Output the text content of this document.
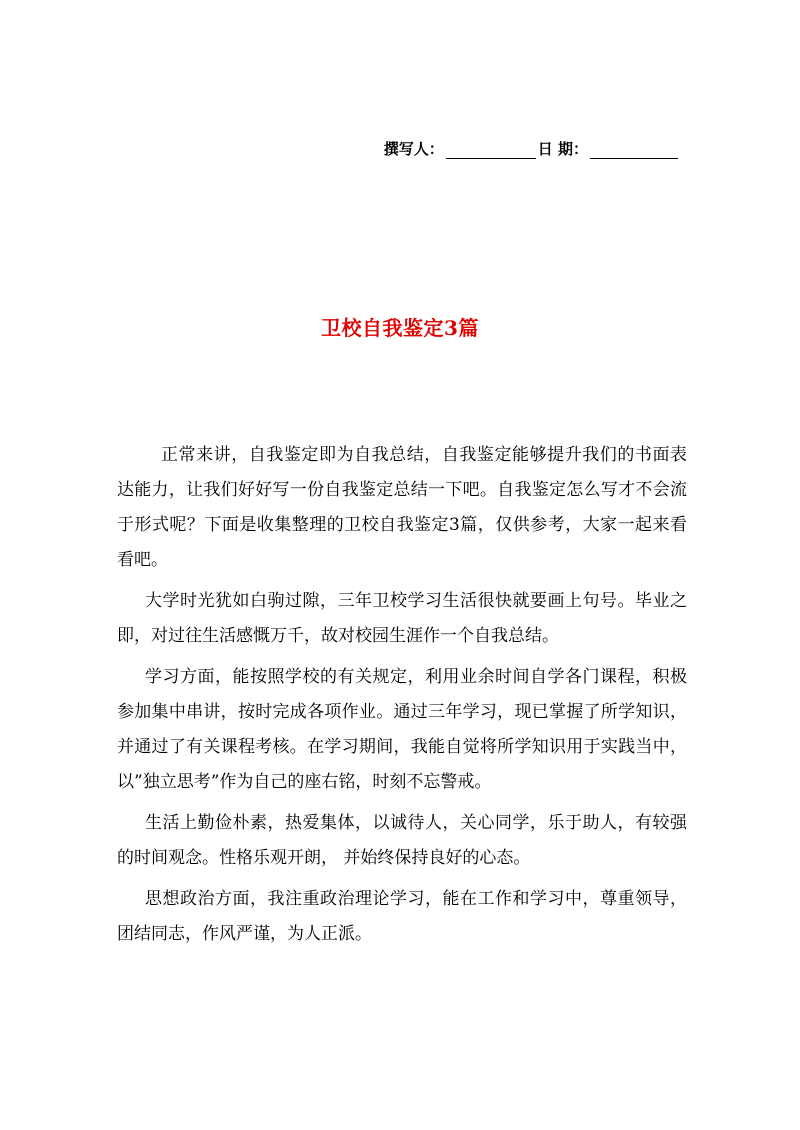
撰写人：	日 期：
卫校自我鉴定3篇

正常来讲，自我鉴定即为自我总结，自我鉴定能够提升我们的书面表达能力，让我们好好写一份自我鉴定总结一下吧。自我鉴定怎么写才不会流于形式呢？下面是收集整理的卫校自我鉴定3篇，仅供参考，大家一起来看看吧。

大学时光犹如白驹过隙，三年卫校学习生活很快就要画上句号。毕业之即，对过往生活感慨万千，故对校园生涯作一个自我总结。

学习方面，能按照学校的有关规定，利用业余时间自学各门课程，积极参加集中串讲，按时完成各项作业。通过三年学习，现已掌握了所学知识，并通过了有关课程考核。在学习期间，我能自觉将所学知识用于实践当中，以”独立思考”作为自己的座右铭，时刻不忘警戒。

生活上勤俭朴素，热爱集体，以诚待人，关心同学，乐于助人，有较强的时间观念。性格乐观开朗， 并始终保持良好的心态。

思想政治方面，我注重政治理论学习，能在工作和学习中，尊重领导，团结同志，作风严谨，为人正派。
